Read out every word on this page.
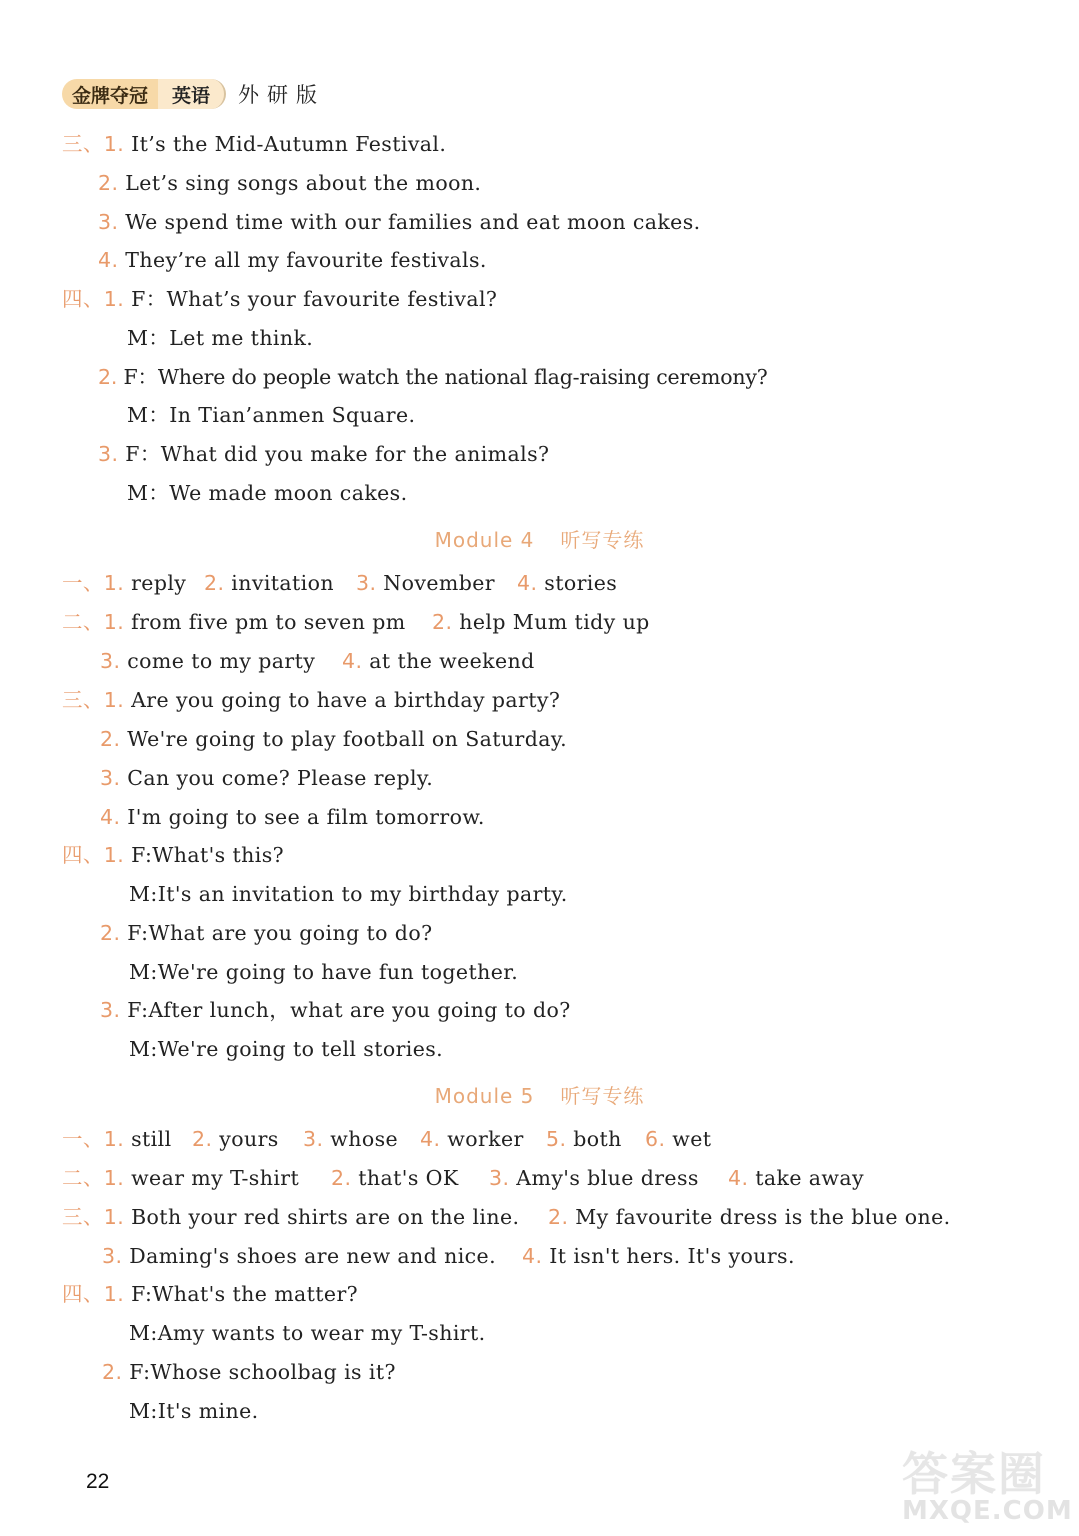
金牌夺冠	英语	外研版
三、1. It’s the Mid-Autumn Festival.
2. Let’s sing songs about the moon.
3. We spend time with our families and eat moon cakes.
4. They’re all my favourite festivals.
四、1. F：What’s your favourite festival?
M：Let me think.
2. F：Where do people watch the national flag-raising ceremony?
M：In Tian’anmen Square.
3. F：What did you make for the animals?
M：We made moon cakes.
Module 4 听写专练
一、1. reply 2. invitation 3. November 4. stories
二、1. from five pm to seven pm 2. help Mum tidy up
3. come to my party 4. at the weekend
三、1. Are you going to have a birthday party?
2. We're going to play football on Saturday.
3. Can you come? Please reply.
4. I'm going to see a film tomorrow.
四、1. F:What's this?
M:It's an invitation to my birthday party.
2. F:What are you going to do?
M:We're going to have fun together.
3. F:After lunch，what are you going to do?
M:We're going to tell stories.
Module 5 听写专练
一、1. still 2. yours 3. whose 4. worker 5. both 6. wet
二、1. wear my T-shirt 2. that's OK 3. Amy's blue dress 4. take away
三、1. Both your red shirts are on the line. 2. My favourite dress is the blue one.
3. Daming's shoes are new and nice. 4. It isn't hers. It's yours.
四、1. F:What's the matter?
M:Amy wants to wear my T-shirt.
2. F:Whose schoolbag is it?
M:It's mine.
22	答案圈
MXQE.COM
